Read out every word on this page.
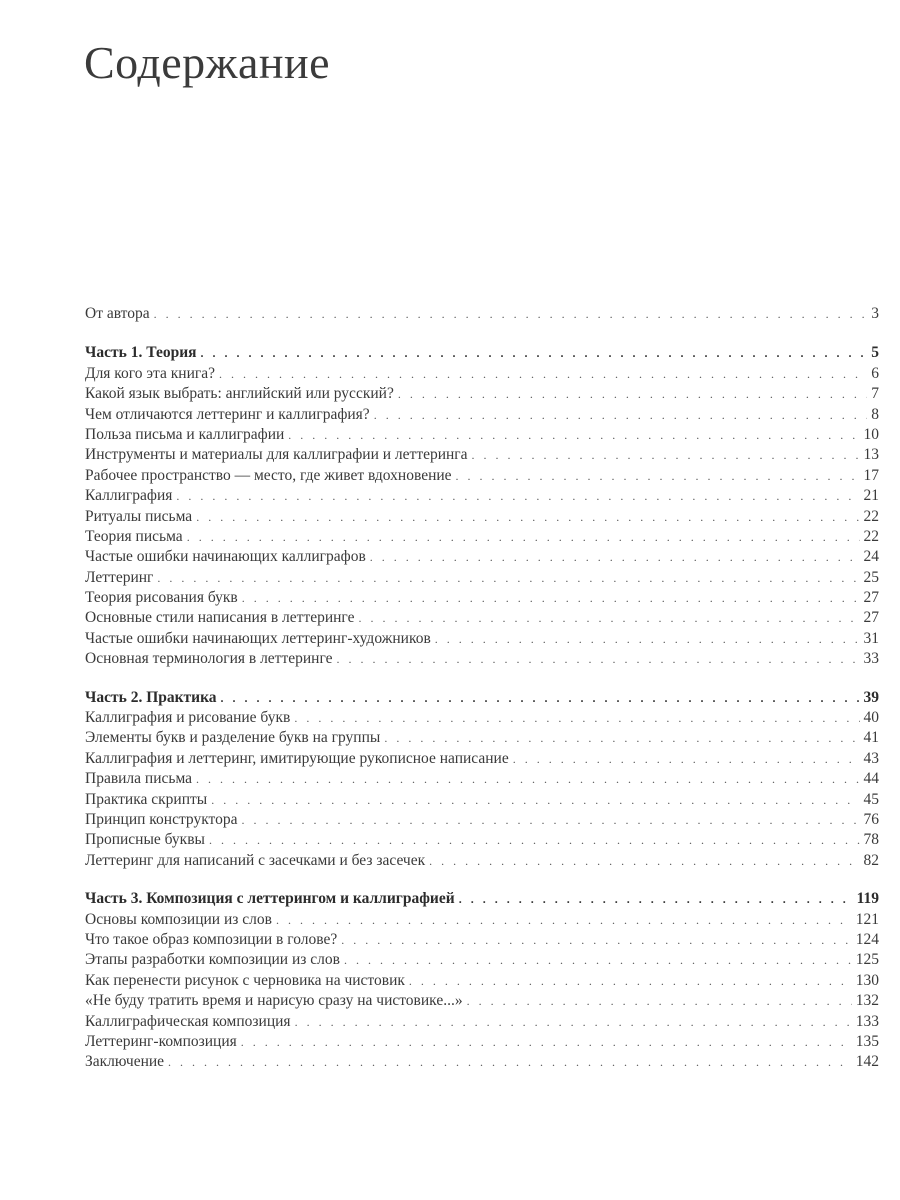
Содержание
От автора . . .	3
Часть 1. Теория . . .	5
Для кого эта книга? . . .	6
Какой язык выбрать: английский или русский? . . .	7
Чем отличаются леттеринг и каллиграфия? . . .	8
Польза письма и каллиграфии . . .	10
Инструменты и материалы для каллиграфии и леттеринга . . .	13
Рабочее пространство — место, где живет вдохновение . . .	17
Каллиграфия . . .	21
Ритуалы письма . . .	22
Теория письма . . .	22
Частые ошибки начинающих каллиграфов . . .	24
Леттеринг . . .	25
Теория рисования букв . . .	27
Основные стили написания в леттеринге . . .	27
Частые ошибки начинающих леттеринг-художников . . .	31
Основная терминология в леттеринге . . .	33
Часть 2. Практика . . .	39
Каллиграфия и рисование букв . . .	40
Элементы букв и разделение букв на группы . . .	41
Каллиграфия и леттеринг, имитирующие рукописное написание . . .	43
Правила письма . . .	44
Практика скрипты . . .	45
Принцип конструктора . . .	76
Прописные буквы . . .	78
Леттеринг для написаний с засечками и без засечек . . .	82
Часть 3. Композиция с леттерингом и каллиграфией . . .	119
Основы композиции из слов . . .	121
Что такое образ композиции в голове? . . .	124
Этапы разработки композиции из слов . . .	125
Как перенести рисунок с черновика на чистовик . . .	130
«Не буду тратить время и нарисую сразу на чистовике...» . . .	132
Каллиграфическая композиция . . .	133
Леттеринг-композиция . . .	135
Заключение . . .	142
